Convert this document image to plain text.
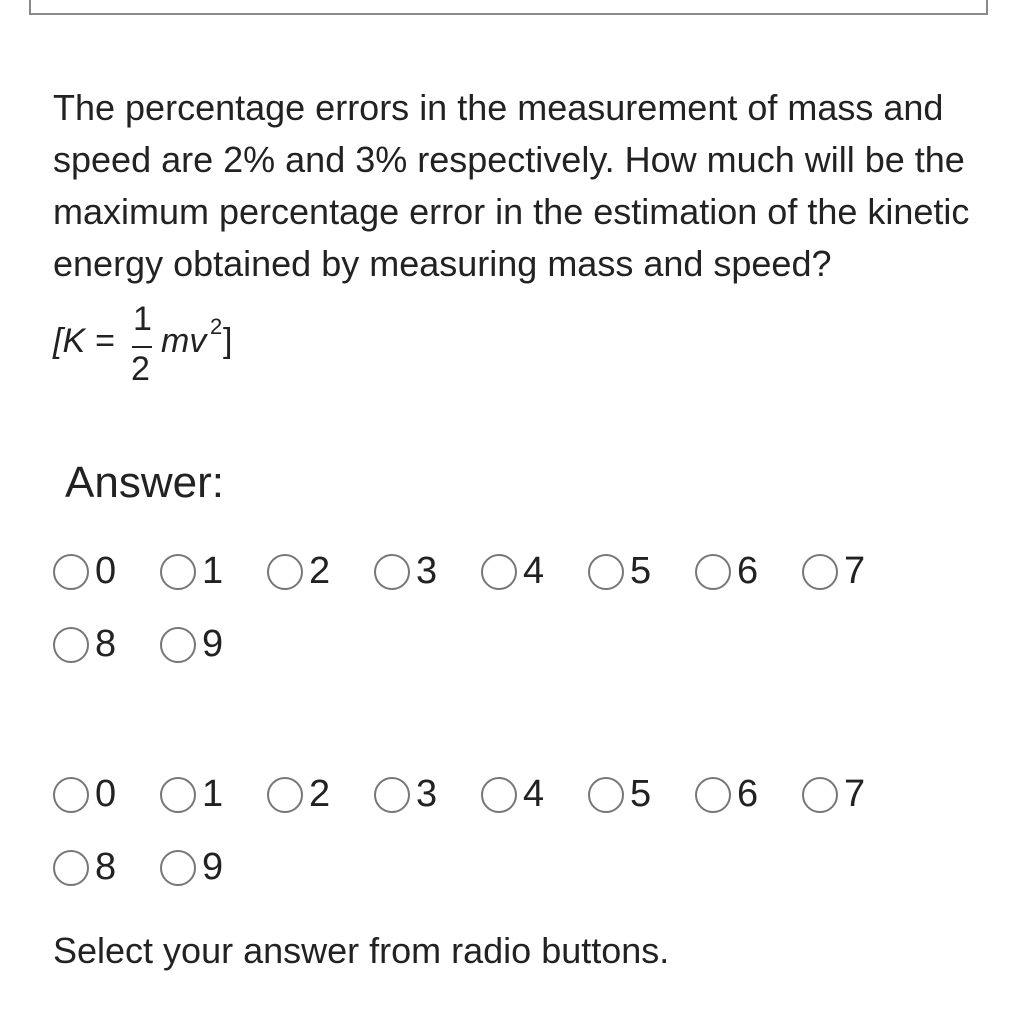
The percentage errors in the measurement of mass and speed are 2% and 3% respectively. How much will be the maximum percentage error in the estimation of the kinetic energy obtained by measuring mass and speed?
[K =
1
2
mv 2 ]
Answer:
0 1 2 3 4 5 6 7
8 9
0 1 2 3 4 5 6 7
8 9
Select your answer from radio buttons.
